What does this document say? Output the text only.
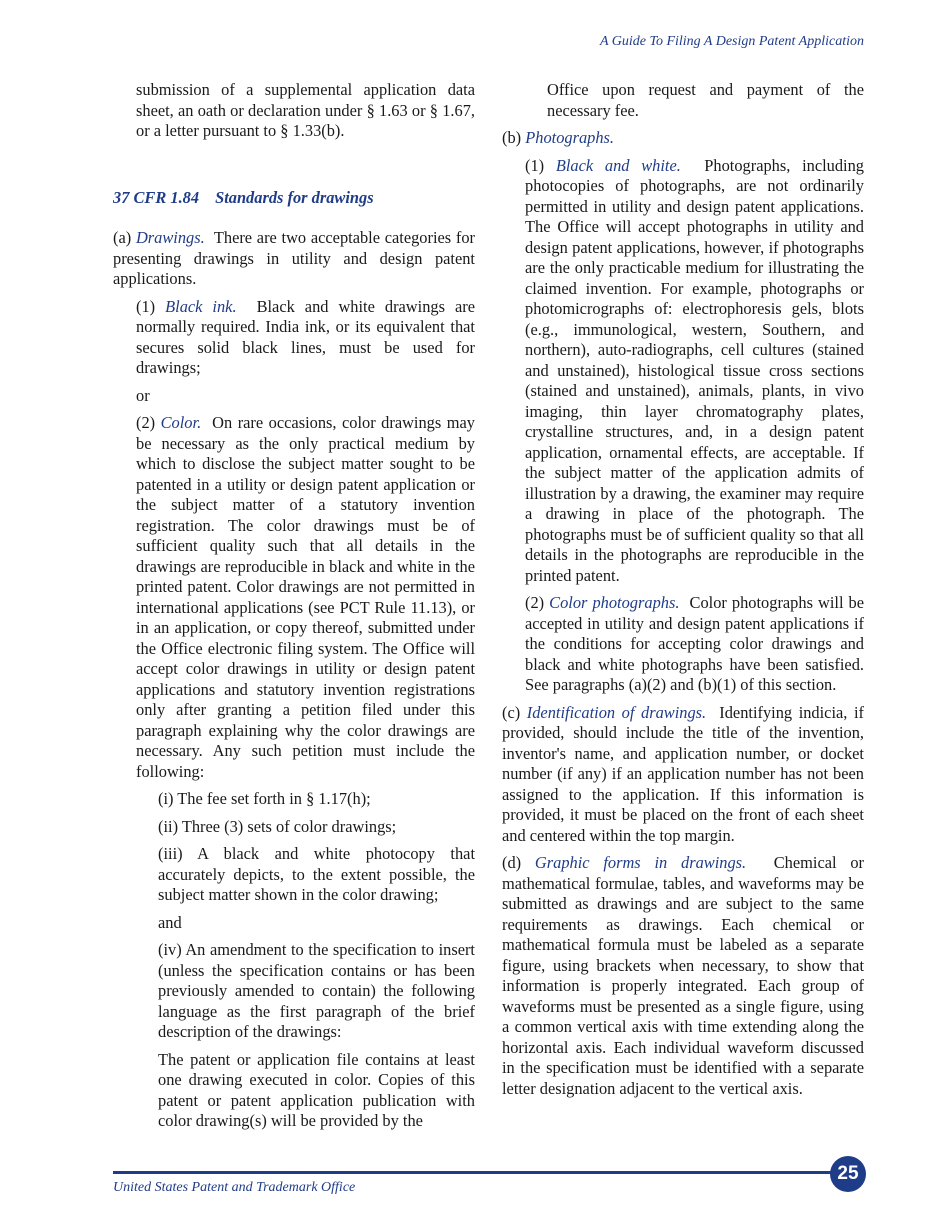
A Guide To Filing A Design Patent Application

submission of a supplemental application data sheet, an oath or declaration under § 1.63 or § 1.67, or a letter pursuant to § 1.33(b).

37 CFR 1.84 Standards for drawings

(a) Drawings. There are two acceptable categories for presenting drawings in utility and design patent applications.

(1) Black ink. Black and white drawings are normally required. India ink, or its equivalent that secures solid black lines, must be used for drawings;

or

(2) Color. On rare occasions, color drawings may be necessary as the only practical medium by which to disclose the subject matter sought to be patented in a utility or design patent application or the subject matter of a statutory invention registration. The color drawings must be of sufficient quality such that all details in the drawings are reproducible in black and white in the printed patent. Color drawings are not permitted in international applications (see PCT Rule 11.13), or in an application, or copy thereof, submitted under the Office electronic filing system. The Office will accept color drawings in utility or design patent applications and statutory invention registrations only after granting a petition filed under this paragraph explaining why the color drawings are necessary. Any such petition must include the following:

(i) The fee set forth in § 1.17(h);

(ii) Three (3) sets of color drawings;

(iii) A black and white photocopy that accurately depicts, to the extent possible, the subject matter shown in the color drawing;

and

(iv) An amendment to the specification to insert (unless the specification contains or has been previously amended to contain) the following language as the first paragraph of the brief description of the drawings:

The patent or application file contains at least one drawing executed in color. Copies of this patent or patent application publication with color drawing(s) will be provided by the

Office upon request and payment of the necessary fee.

(b) Photographs.

(1) Black and white. Photographs, including photocopies of photographs, are not ordinarily permitted in utility and design patent applications. The Office will accept photographs in utility and design patent applications, however, if photographs are the only practicable medium for illustrating the claimed invention. For example, photographs or photomicrographs of: electrophoresis gels, blots (e.g., immunological, western, Southern, and northern), auto-radiographs, cell cultures (stained and unstained), histological tissue cross sections (stained and unstained), animals, plants, in vivo imaging, thin layer chromatography plates, crystalline structures, and, in a design patent application, ornamental effects, are acceptable. If the subject matter of the application admits of illustration by a drawing, the examiner may require a drawing in place of the photograph. The photographs must be of sufficient quality so that all details in the photographs are reproducible in the printed patent.

(2) Color photographs. Color photographs will be accepted in utility and design patent applications if the conditions for accepting color drawings and black and white photographs have been satisfied. See paragraphs (a)(2) and (b)(1) of this section.

(c) Identification of drawings. Identifying indicia, if provided, should include the title of the invention, inventor's name, and application number, or docket number (if any) if an application number has not been assigned to the application. If this information is provided, it must be placed on the front of each sheet and centered within the top margin.

(d) Graphic forms in drawings. Chemical or mathematical formulae, tables, and waveforms may be submitted as drawings and are subject to the same requirements as drawings. Each chemical or mathematical formula must be labeled as a separate figure, using brackets when necessary, to show that information is properly integrated. Each group of waveforms must be presented as a single figure, using a common vertical axis with time extending along the horizontal axis. Each individual waveform discussed in the specification must be identified with a separate letter designation adjacent to the vertical axis.

25
United States Patent and Trademark Office
